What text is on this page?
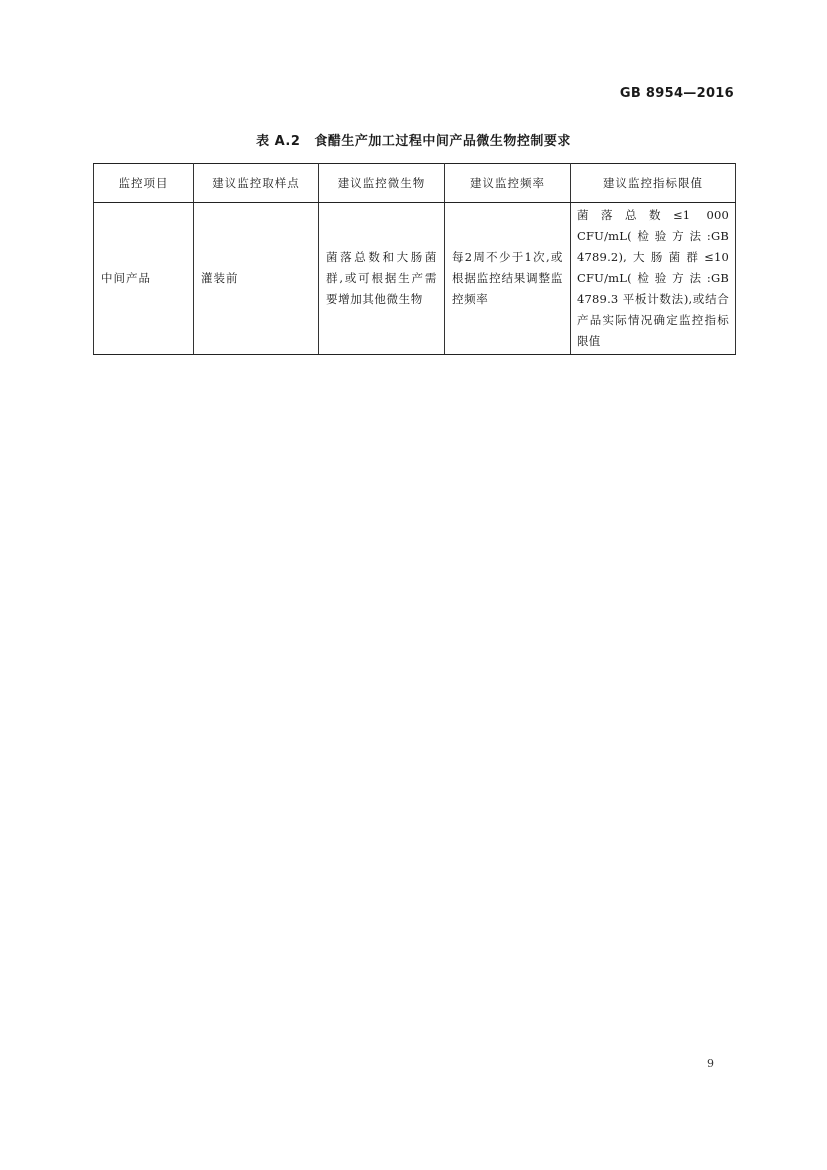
GB 8954—2016
表 A.2 食醋生产加工过程中间产品微生物控制要求
监控项目	建议监控取样点	建议监控微生物	建议监控频率	建议监控指标限值
中间产品	灌装前	菌落总数和大肠菌群,或可根据生产需要增加其他微生物	每2周不少于1次,或根据监控结果调整监控频率	菌落总数≤1 000 CFU/mL(检验方法:GB 4789.2),大肠菌群≤10 CFU/mL(检验方法:GB 4789.3 平板计数法),或结合产品实际情况确定监控指标限值
9
